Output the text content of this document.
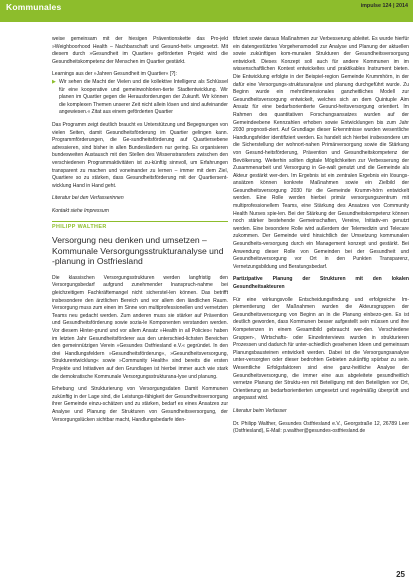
Kommunales	impulse 124 | 2014

weise gemeinsam mit der hiesigen Präventionskette das Pro-jekt »Weighboorhood Health – Nachbarschaft und Gesund-heit« umgesetzt. Mit diesem durch »Gesundheit im Quartier« geförderten Projekt wird die Gesundheitskompetenz der Menschen im Quartier gestärkt.

Learnings aus der »Jahren Gesundheit im Quartier« [?]:

▶ Wir sehen die Macht der Vielen und die kollektive Intelligenz als Schlüssel für eine kooperative und gemeinwohlorien-tierte Stadtentwicklung. Wir planen im Quartier gegen die Herausforderungen der Zukunft. Wir können die komplexen Themen unserer Zeit nicht allein lösen und sind aufeinander angewiesen.« Zitat aus einem geförderten Quartier

Das Programm zeigt deutlich braucht es Unterstützung und Begegnungen von vielen Seiten, damit Gesundheitsförderung im Quartier gelingen kann. Programmförderungen, die Ge-sundheitsförderung auf Quartiersebene adressieren, sind bisher in allen Bundesländern nur gering. Es organisieren bundesweiten Austausch mit den Stellen des Wissenstransfers zwischen den verschiedenen Programmaktivitäten ist zu-künftig sinnvoll, um Erfahrungen transparent zu machen und voneinander zu lernen – immer mit dem Ziel, Quartiere so zu stärken, dass Gesundheitsförderung mit der Quartiersent-wicklung Hand in Hand geht.

Literatur bei den Verfasserinnen

Kontakt siehe Impressum

PHILIPP WALTHER
Versorgung neu denken und umsetzen – Kommunale Versorgungsstrukturanalyse und -planung in Ostfriesland

Die klassischen Versorgungsstrukturen werden langfristig den Versorgungsbedarf aufgrund zunehmender Inanspruch-nahme bei gleichzeitigem Fachkräftemangel nicht sicherstel-len können. Das betrifft insbesondere den ärztlichen Bereich und vor allem den ländlichen Raum. Versorgung muss zum einen im Sinne von multiprofessionellen und vernetzten Teams neu gedacht werden. Zum anderen muss sie stärker auf Prävention und Gesundheitsförderung sowie sozia-le Komponenten verstanden werden. Vor diesem Hinter-grund und vor allem Ansatz »Health in all Policies« haben im letzten Jahr Gesundheitsförderer aus den unterschied-lichsten Bereichen den gemeinnützigen Verein »Gesundes Ostfriesland e.V.« gegründet. In den drei Handlungsfeldern »Gesundheitsförderung«, »Gesundheitsversorgung, Strukturentwicklung« sowie »Community Health« sind bereits die ersten Projekte und Initiativen auf den Grundlagen ist hierbei immer auch wie stark die demokratische Kommunale Versorgungsstrukturana-lyse und planung.

Erhebung und Strukturierung von Versorgungsdaten Damit Kommunen zukünftig in der Lage sind, die Leistungs-fähigkeit der Gesundheitsversorgung ihrer Gemeinde einzu-schätzen und zu stärken, bedarf es eines Ansatzes zur Analyse und Planung der Strukturen von Gesundheitsversorgung, der Versorgungslücken sichtbar macht, Handlungsbedarfe iden-

tifiziert sowie daraus Maßnahmen zur Verbesserung ableitet. Es wurde hierfür ein datengestütztes Vorgehensmodell zur Analyse und Planung der aktuellen sowie zukünftigen kom-munalen Strukturen der Gesundheitsversorgung entwickelt. Dieses Konzept soll auch für andere Kommunen im im wissenschaftlichen Kontext entwickeltes und praktikables Instrument bieten. Die Entwicklung erfolgte in der Beispiel-region Gemeinde Krummhörn, in der dafür eine Versorgungs-strukturanalyse und planung durchgeführt wurde. Zu Beginn wurde ein mehrdimensionales ganzheitliches Modell zur Gesundheitsversorgung entwickelt, welches sich an dem Quintuple Aim Ansatz für eine bedarfsorientierte Gesund-heitsversorgung orientiert. Im Rahmen des quantitativen Forschungsansatzes wurden auf der Gemeindeebene Kennzahlen erhoben sowie Entwicklungen bis zum Jahr 2030 prognosti-ziert. Auf Grundlage dieser Erkenntnisse wurden wesentliche Handlungsfelder identifiziert werden. Es handelt sich hierbei insbesondere um die Sicherstellung der wohnort-nahen Primärversorgung sowie die Stärkung von Gesund-heitsförderung, Prävention und Gesundheitskompetenz der Bevölkerung. Weiterhin sollten digitale Möglichkeiten zur Verbesserung der Zusammenarbeit und Versorgung in Ge-walt genutzt und die Gemeinde als Akteur gestärkt wer-den. Im Ergebnis ist ein zentralen Ergebnis ein lösungs-ansätzen können konkrete Maßnahmen sowie ein Zielbild der Gesundheitsversorgung 2030 für die Gemeinde Krumm-hörn entwickelt werden. Eine Rolle werden hierbei primär versorgungszentrum mit multiprofessionellem Teams, eine Stärkung des Ansatzes von Community Health Nurses spie-len. Bei der Stärkung der Gesundheitskompetenz können noch stärker bestehende Gemeinschaften, Vereine, Initiativ-en genutzt werden. Eine besondere Rolle wird außerdem der Telemedizin und Telecare zukommen. Der Gemeinde wird hinsichtlich der Umsetzung kommunalen Gesundheits-versorgung durch ein Management konzept und gestärkt. Bei Anwendung dieser Rolle von Gemeinden bei der Gesundheit und Gesundheitsversorgung vor Ort in den Punkten Transparenz, Vernetzungsbildung und Beratungsbedarf.

Partizipative Planung der Strukturen mit den lokalen Gesundheitsakteuren

Für eine wirkungsvolle Entscheidungsfindung und erfolgreiche Im-plementierung der Maßnahmen wurden die Akteursgruppen der Gesundheitsversorgung von Beginn an in die Planung einbezo-gen. Es ist deutlich geworden, dass Kommunen besser aufgestellt sein müssen und ihre Kompetenzen in einem Gesamtbild gebraucht wer-den. Verschiedene Gruppen-, Wirtschafts- oder Einzelinterviews wurden in strukturieren Prozessen und dadurch für unter-schiedlich gesehenen Ideen und gemeinsam Planungsbausteinen entwickelt werden. Dabei ist die Versorgungsanalyse unter-versorgten oder dieser bedrohten Gebieten zukünftig spürbar zu sein. Wesentliche Erfolgsfaktoren sind eine ganz-heitliche Analyse der Gesundheitsversorgung, die immer eine aus abgeleitete gesundheitlich vernetze Planung der Struktu-ren mit Beteiligung mit den Beteiligten vor Ort, Orientierung an bedarfsorientierten umgesetzt und regelmäßig überprüft und angepasst wird.

Literatur beim Verfasser

Dr. Philipp Walther, Gesundes Ostfriesland e.V., Georgstraße 12, 26789 Leer (Ostfriesland), E-Mail: p.walther@gesundes-ostfriesland.de

25
